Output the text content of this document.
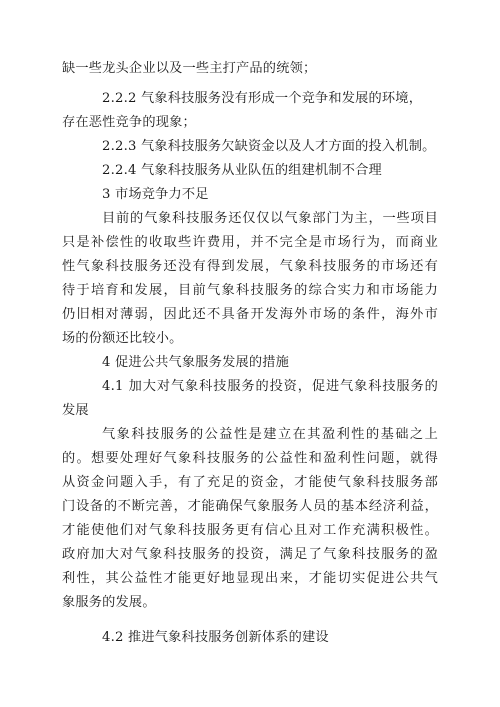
缺一些龙头企业以及一些主打产品的统领；
2.2.2 气象科技服务没有形成一个竞争和发展的环境，
存在恶性竞争的现象；
2.2.3 气象科技服务欠缺资金以及人才方面的投入机制。
2.2.4 气象科技服务从业队伍的组建机制不合理
3 市场竞争力不足
目前的气象科技服务还仅仅以气象部门为主，一些项目
只是补偿性的收取些许费用，并不完全是市场行为，而商业
性气象科技服务还没有得到发展，气象科技服务的市场还有
待于培育和发展，目前气象科技服务的综合实力和市场能力
仍旧相对薄弱，因此还不具备开发海外市场的条件，海外市
场的份额还比较小。
4 促进公共气象服务发展的措施
4.1 加大对气象科技服务的投资，促进气象科技服务的
发展
气象科技服务的公益性是建立在其盈利性的基础之上
的。想要处理好气象科技服务的公益性和盈利性问题，就得
从资金问题入手，有了充足的资金，才能使气象科技服务部
门设备的不断完善，才能确保气象服务人员的基本经济利益，
才能使他们对气象科技服务更有信心且对工作充满积极性。
政府加大对气象科技服务的投资，满足了气象科技服务的盈
利性，其公益性才能更好地显现出来，才能切实促进公共气
象服务的发展。
4.2 推进气象科技服务创新体系的建设
